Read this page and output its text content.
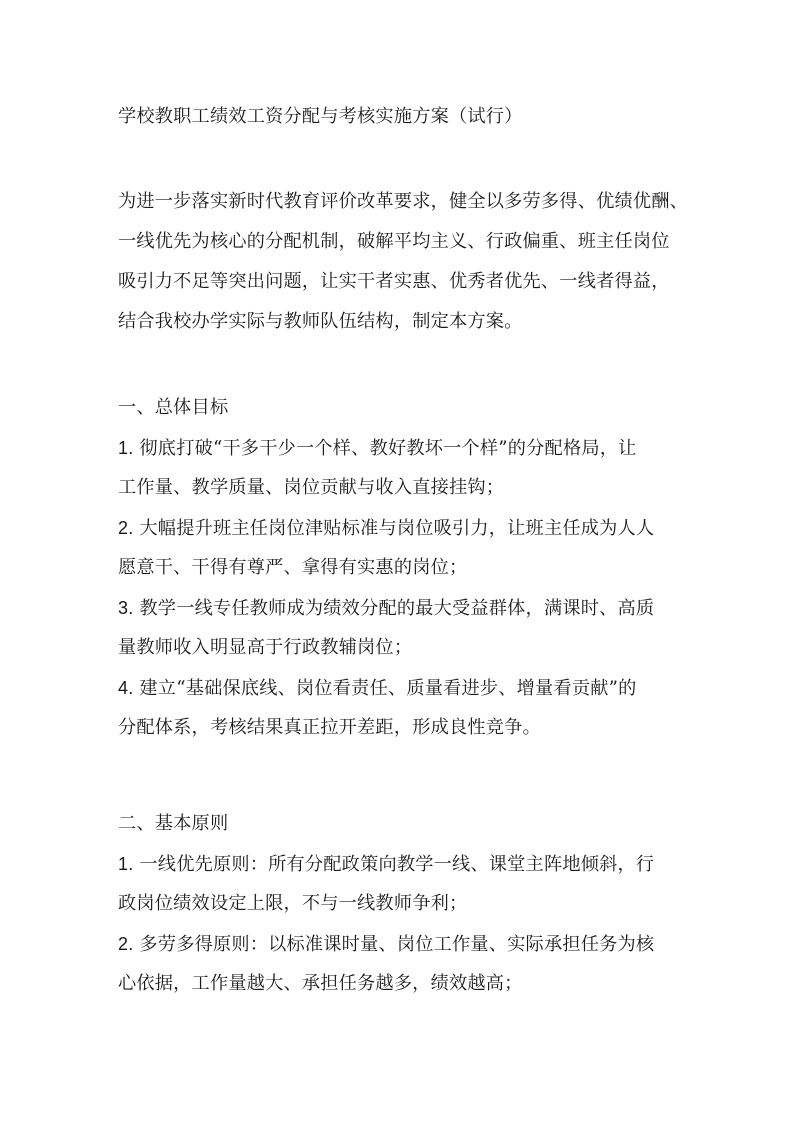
学校教职工绩效工资分配与考核实施方案（试行）
为进一步落实新时代教育评价改革要求，健全以多劳多得、优绩优酬、
一线优先为核心的分配机制，破解平均主义、行政偏重、班主任岗位
吸引力不足等突出问题，让实干者实惠、优秀者优先、一线者得益，
结合我校办学实际与教师队伍结构，制定本方案。
一、总体目标
1. 彻底打破“干多干少一个样、教好教坏一个样”的分配格局，让
工作量、教学质量、岗位贡献与收入直接挂钩；
2. 大幅提升班主任岗位津贴标准与岗位吸引力，让班主任成为人人
愿意干、干得有尊严、拿得有实惠的岗位；
3. 教学一线专任教师成为绩效分配的最大受益群体，满课时、高质
量教师收入明显高于行政教辅岗位；
4. 建立“基础保底线、岗位看责任、质量看进步、增量看贡献”的
分配体系，考核结果真正拉开差距，形成良性竞争。
二、基本原则
1. 一线优先原则：所有分配政策向教学一线、课堂主阵地倾斜，行
政岗位绩效设定上限，不与一线教师争利；
2. 多劳多得原则：以标准课时量、岗位工作量、实际承担任务为核
心依据，工作量越大、承担任务越多，绩效越高；
